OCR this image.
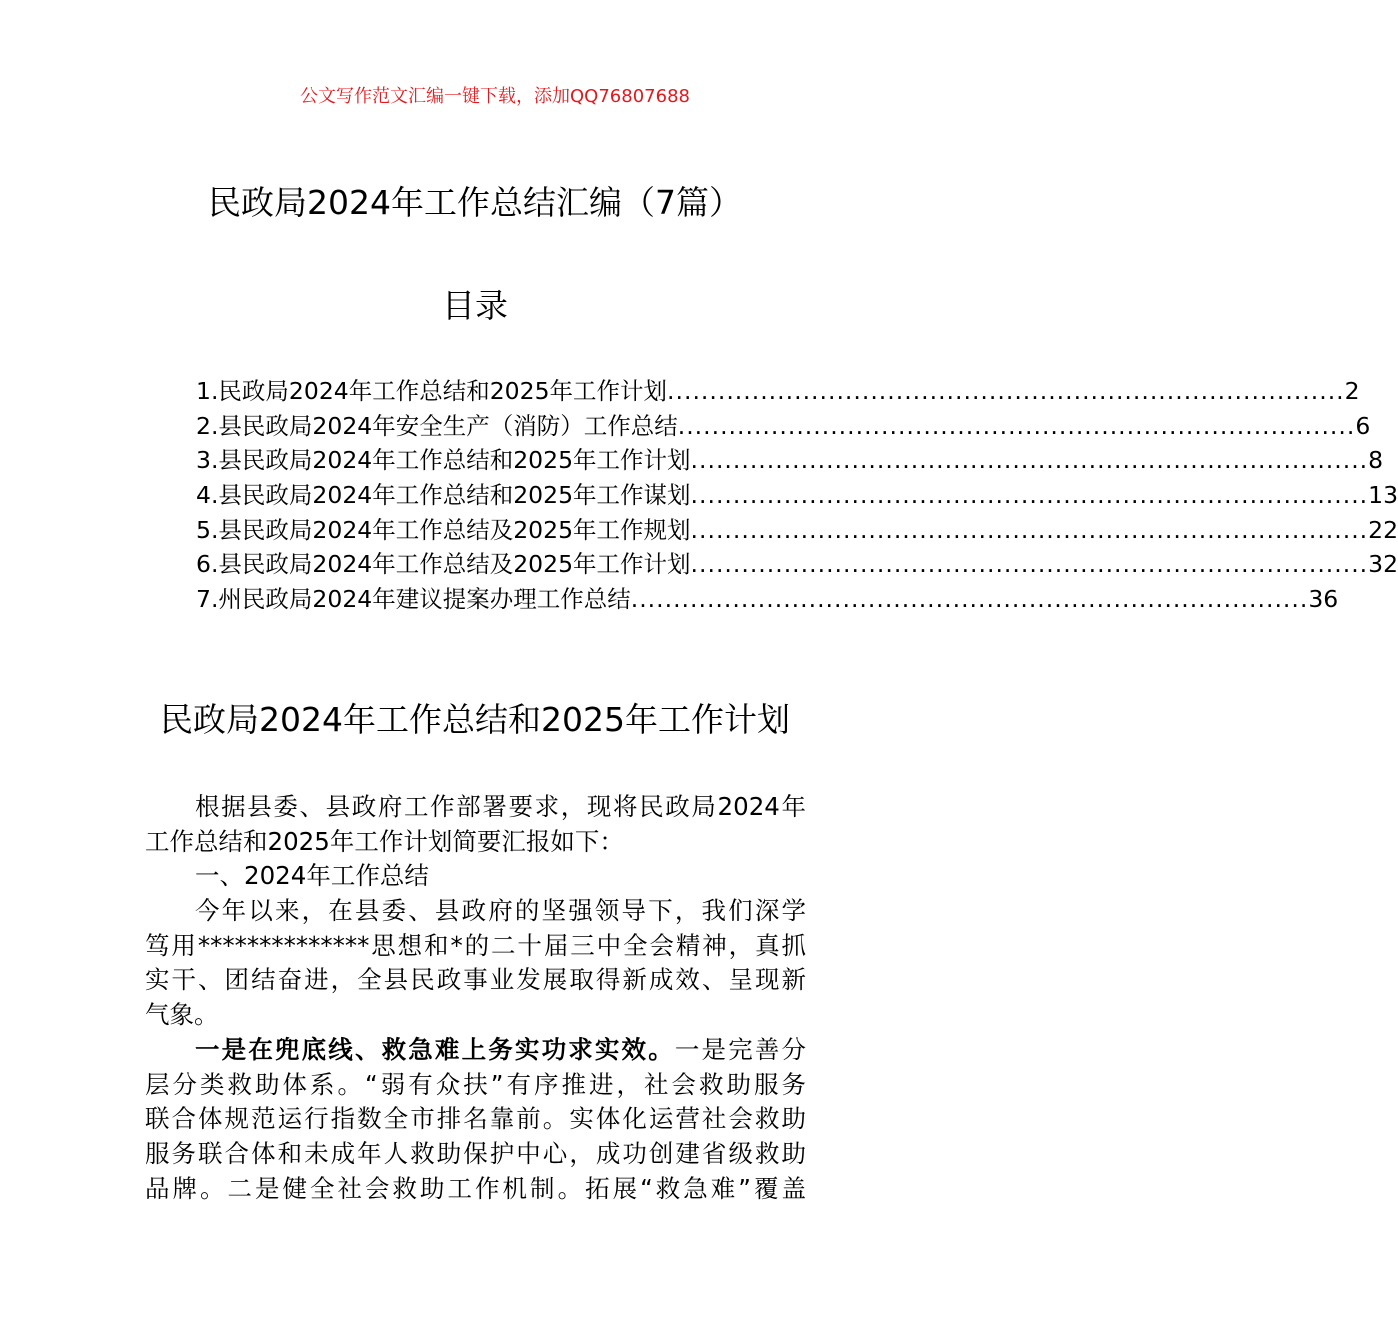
公文写作范文汇编一键下载，添加QQ76807688
民政局2024年工作总结汇编（7篇）
目录
1.民政局2024年工作总结和2025年工作计划 ................................................................................ 2
2.县民政局2024年安全生产（消防）工作总结 ................................................................................ 6
3.县民政局2024年工作总结和2025年工作计划 ................................................................................ 8
4.县民政局2024年工作总结和2025年工作谋划 ................................................................................ 13
5.县民政局2024年工作总结及2025年工作规划 ................................................................................ 22
6.县民政局2024年工作总结及2025年工作计划 ................................................................................ 32
7.州民政局2024年建议提案办理工作总结 ................................................................................ 36
民政局2024年工作总结和2025年工作计划
根据县委、县政府工作部署要求，现将民政局2024年
工作总结和2025年工作计划简要汇报如下：
一、2024年工作总结
今年以来，在县委、县政府的坚强领导下，我们深学
笃用**************思想和*的二十届三中全会精神，真抓
实干、团结奋进，全县民政事业发展取得新成效、呈现新
气象。
一是在兜底线、救急难上务实功求实效。一是完善分
层分类救助体系。“弱有众扶”有序推进，社会救助服务
联合体规范运行指数全市排名靠前。实体化运营社会救助
服务联合体和未成年人救助保护中心，成功创建省级救助
品牌。二是健全社会救助工作机制。拓展“救急难”覆盖
